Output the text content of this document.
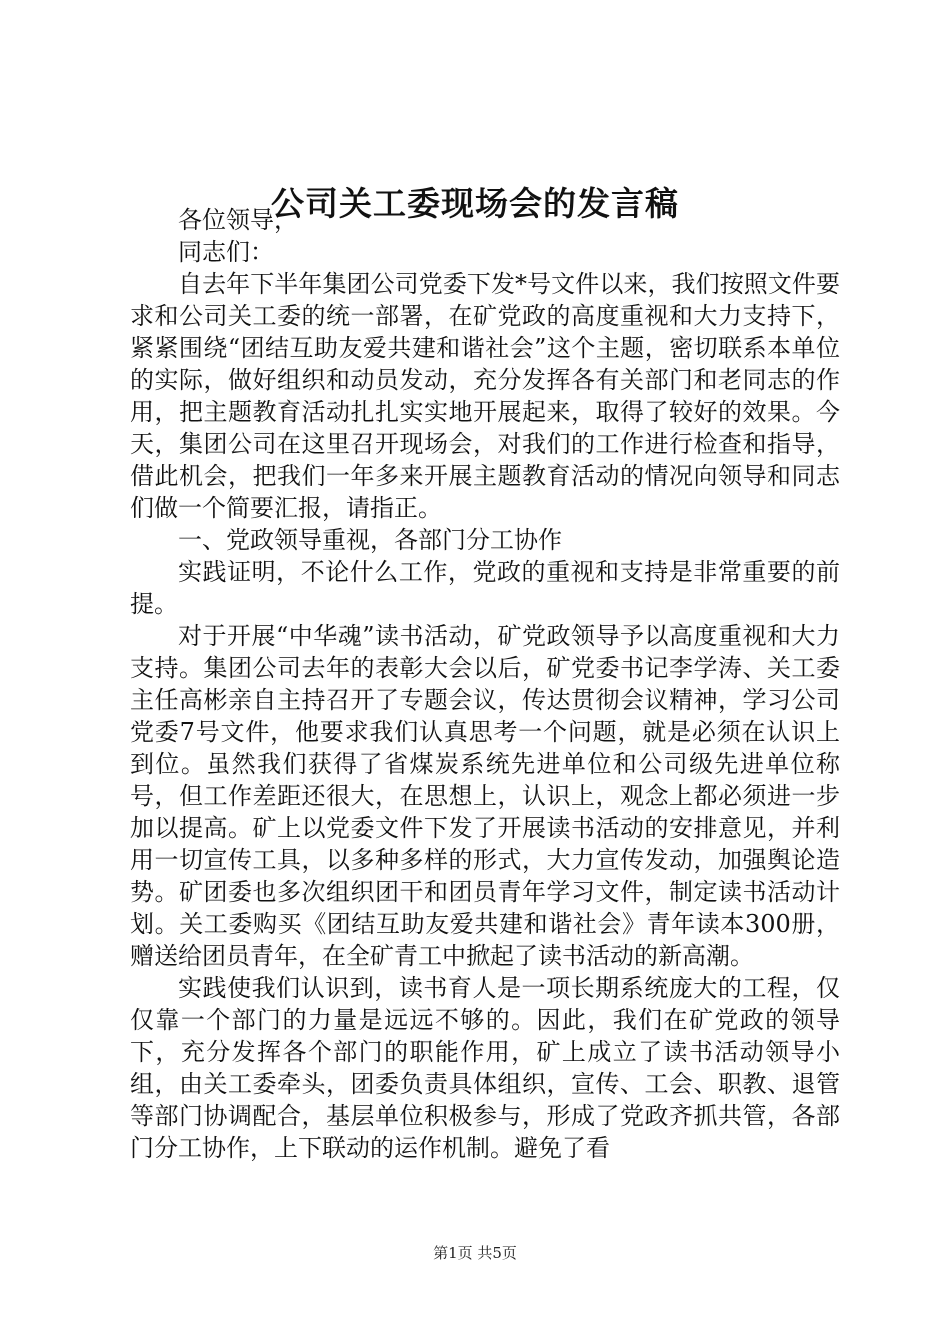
公司关工委现场会的发言稿

各位领导，

同志们：

自去年下半年集团公司党委下发*号文件以来，我们按照文件要求和公司关工委的统一部署，在矿党政的高度重视和大力支持下，紧紧围绕“团结互助友爱共建和谐社会”这个主题，密切联系本单位的实际，做好组织和动员发动，充分发挥各有关部门和老同志的作用，把主题教育活动扎扎实实地开展起来，取得了较好的效果。今天，集团公司在这里召开现场会，对我们的工作进行检查和指导，借此机会，把我们一年多来开展主题教育活动的情况向领导和同志们做一个简要汇报，请指正。

一、党政领导重视，各部门分工协作

实践证明，不论什么工作，党政的重视和支持是非常重要的前提。

对于开展“中华魂”读书活动，矿党政领导予以高度重视和大力支持。集团公司去年的表彰大会以后，矿党委书记李学涛、关工委主任高彬亲自主持召开了专题会议，传达贯彻会议精神，学习公司党委7号文件，他要求我们认真思考一个问题，就是必须在认识上到位。虽然我们获得了省煤炭系统先进单位和公司级先进单位称号，但工作差距还很大，在思想上，认识上，观念上都必须进一步加以提高。矿上以党委文件下发了开展读书活动的安排意见，并利用一切宣传工具，以多种多样的形式，大力宣传发动，加强舆论造势。矿团委也多次组织团干和团员青年学习文件，制定读书活动计划。关工委购买《团结互助友爱共建和谐社会》青年读本300册，赠送给团员青年，在全矿青工中掀起了读书活动的新高潮。

实践使我们认识到，读书育人是一项长期系统庞大的工程，仅仅靠一个部门的力量是远远不够的。因此，我们在矿党政的领导下，充分发挥各个部门的职能作用，矿上成立了读书活动领导小组，由关工委牵头，团委负责具体组织，宣传、工会、职教、退管等部门协调配合，基层单位积极参与，形成了党政齐抓共管，各部门分工协作，上下联动的运作机制。避免了看

第1页 共5页
